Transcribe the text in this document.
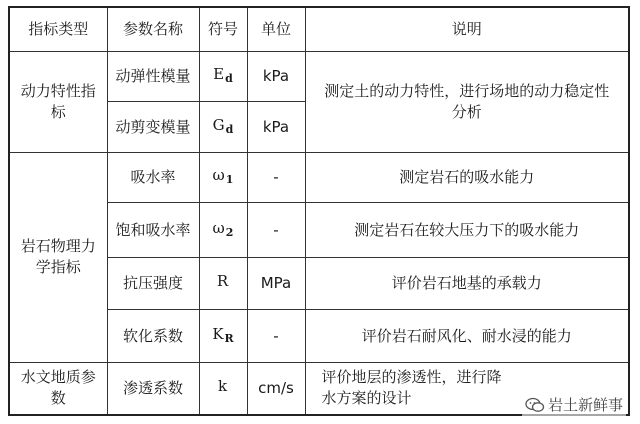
指标类型	参数名称	符号	单位	说明
动力特性指标	动弹性模量	$E_d$	kPa	测定土的动力特性，进行场地的动力稳定性分析
	动剪变模量	$G_d$	kPa	
岩石物理力学指标	吸水率	$\omega_1$	-	测定岩石的吸水能力
	饱和吸水率	$\omega_2$	-	测定岩石在较大压力下的吸水能力
	抗压强度	R	MPa	评价岩石地基的承载力
	软化系数	$K_R$	-	评价岩石耐风化、耐水浸的能力
水文地质参数	渗透系数	k	cm/s	评价地层的渗透性，进行降水方案的设计	岩土新鲜事
